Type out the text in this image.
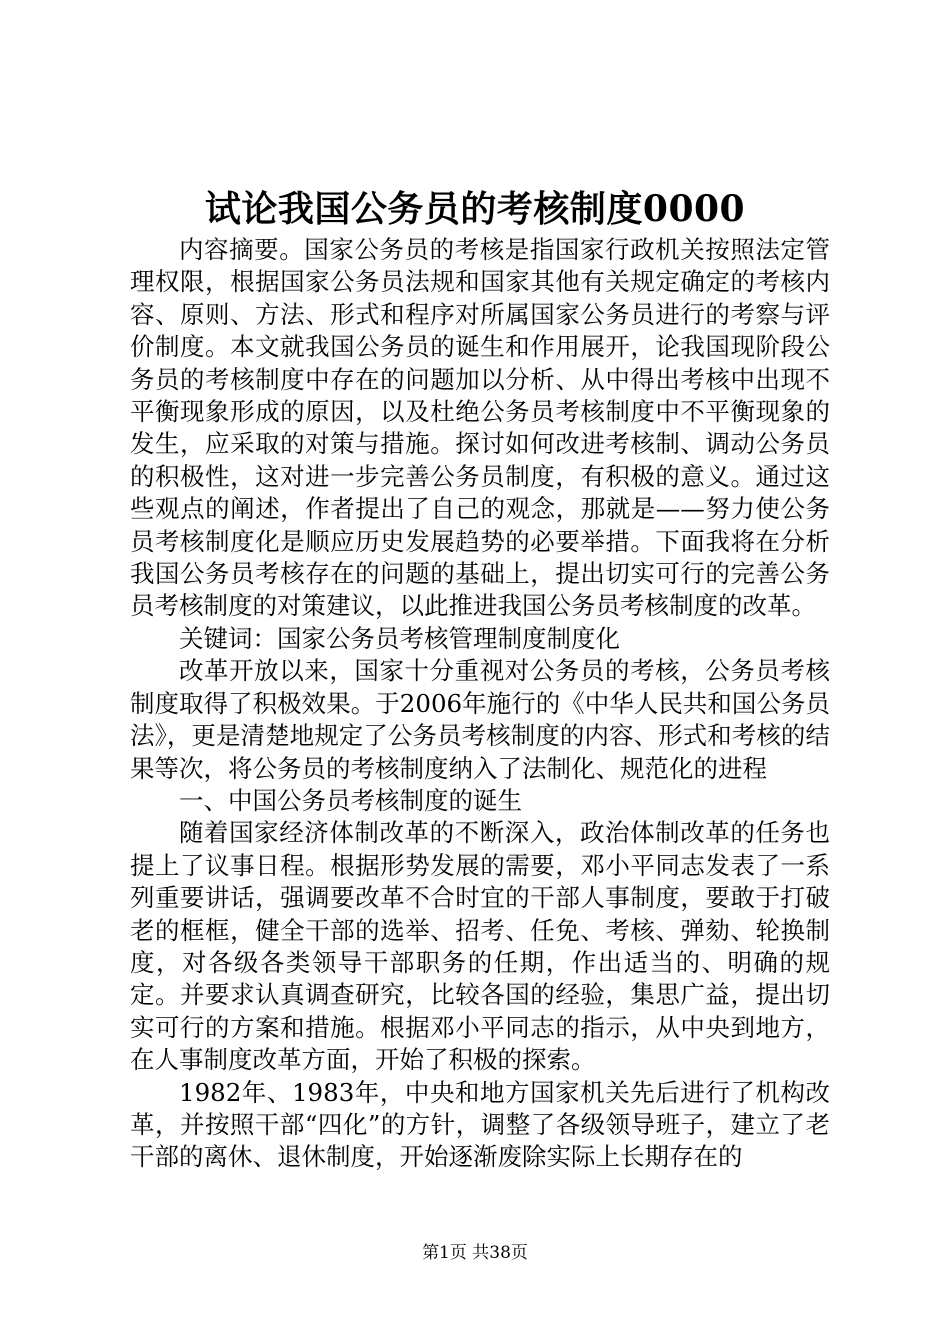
试论我国公务员的考核制度0000

内容摘要。国家公务员的考核是指国家行政机关按照法定管理权限，根据国家公务员法规和国家其他有关规定确定的考核内容、原则、方法、形式和程序对所属国家公务员进行的考察与评价制度。本文就我国公务员的诞生和作用展开，论我国现阶段公务员的考核制度中存在的问题加以分析、从中得出考核中出现不平衡现象形成的原因，以及杜绝公务员考核制度中不平衡现象的发生，应采取的对策与措施。探讨如何改进考核制、调动公务员的积极性，这对进一步完善公务员制度，有积极的意义。通过这些观点的阐述，作者提出了自己的观念，那就是——努力使公务员考核制度化是顺应历史发展趋势的必要举措。下面我将在分析我国公务员考核存在的问题的基础上，提出切实可行的完善公务员考核制度的对策建议，以此推进我国公务员考核制度的改革。

关键词：国家公务员考核管理制度制度化

改革开放以来，国家十分重视对公务员的考核，公务员考核制度取得了积极效果。于2006年施行的《中华人民共和国公务员法》，更是清楚地规定了公务员考核制度的内容、形式和考核的结果等次，将公务员的考核制度纳入了法制化、规范化的进程

一、中国公务员考核制度的诞生

随着国家经济体制改革的不断深入，政治体制改革的任务也提上了议事日程。根据形势发展的需要，邓小平同志发表了一系列重要讲话，强调要改革不合时宜的干部人事制度，要敢于打破老的框框，健全干部的选举、招考、任免、考核、弹劾、轮换制度，对各级各类领导干部职务的任期，作出适当的、明确的规定。并要求认真调查研究，比较各国的经验，集思广益，提出切实可行的方案和措施。根据邓小平同志的指示，从中央到地方，在人事制度改革方面，开始了积极的探索。

1982年、1983年，中央和地方国家机关先后进行了机构改革，并按照干部“四化”的方针，调整了各级领导班子，建立了老干部的离休、退休制度，开始逐渐废除实际上长期存在的

第1页 共38页
